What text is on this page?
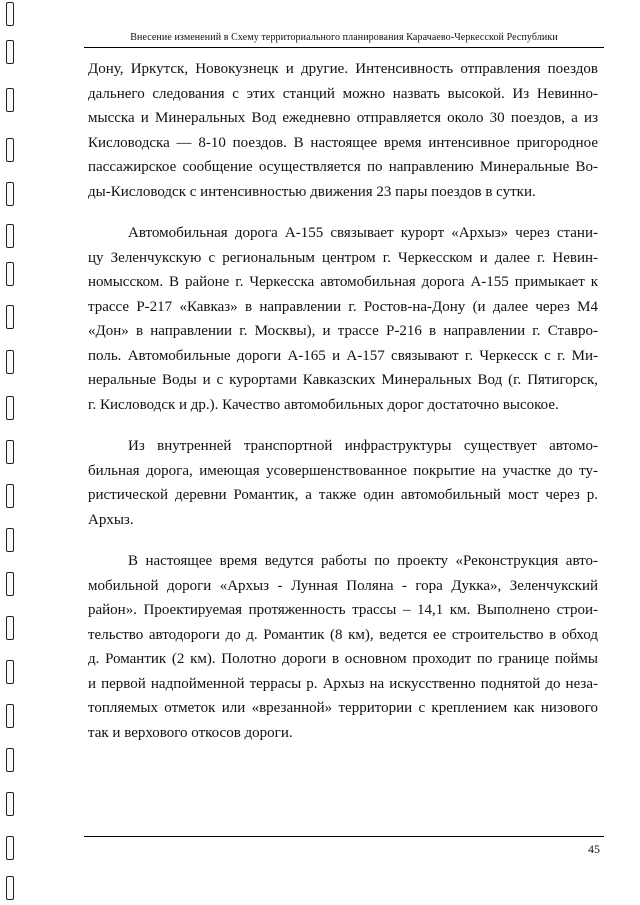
Внесение изменений в Схему территориального планирования Карачаево-Черкесской Республики
Дону, Иркутск, Новокузнецк и другие. Интенсивность отправления поездов
дальнего следования с этих станций можно назвать высокой. Из Невинно-
мысска и Минеральных Вод ежедневно отправляется около 30 поездов, а из
Кисловодска — 8-10 поездов. В настоящее время интенсивное пригородное
пассажирское сообщение осуществляется по направлению Минеральные Во-
ды-Кисловодск с интенсивностью движения 23 пары поездов в сутки.
Автомобильная дорога А-155 связывает курорт «Архыз» через стани-
цу Зеленчукскую с региональным центром г. Черкесском и далее г. Невин-
номысском. В районе г. Черкесска автомобильная дорога А-155 примыкает к
трассе Р-217 «Кавказ» в направлении г. Ростов-на-Дону (и далее через М4
«Дон» в направлении г. Москвы), и трассе Р-216 в направлении г. Ставро-
поль. Автомобильные дороги А-165 и А-157 связывают г. Черкесск с г. Ми-
неральные Воды и с курортами Кавказских Минеральных Вод (г. Пятигорск,
г. Кисловодск и др.). Качество автомобильных дорог достаточно высокое.
Из внутренней транспортной инфраструктуры существует автомо-
бильная дорога, имеющая усовершенствованное покрытие на участке до ту-
ристической деревни Романтик, а также один автомобильный мост через р.
Архыз.
В настоящее время ведутся работы по проекту «Реконструкция авто-
мобильной дороги «Архыз - Лунная Поляна - гора Дукка», Зеленчукский
район». Проектируемая протяженность трассы – 14,1 км. Выполнено строи-
тельство автодороги до д. Романтик (8 км), ведется ее строительство в обход
д. Романтик (2 км). Полотно дороги в основном проходит по границе поймы
и первой надпойменной террасы р. Архыз на искусственно поднятой до неза-
топляемых отметок или «врезанной» территории с креплением как низового
так и верхового откосов дороги.
45
